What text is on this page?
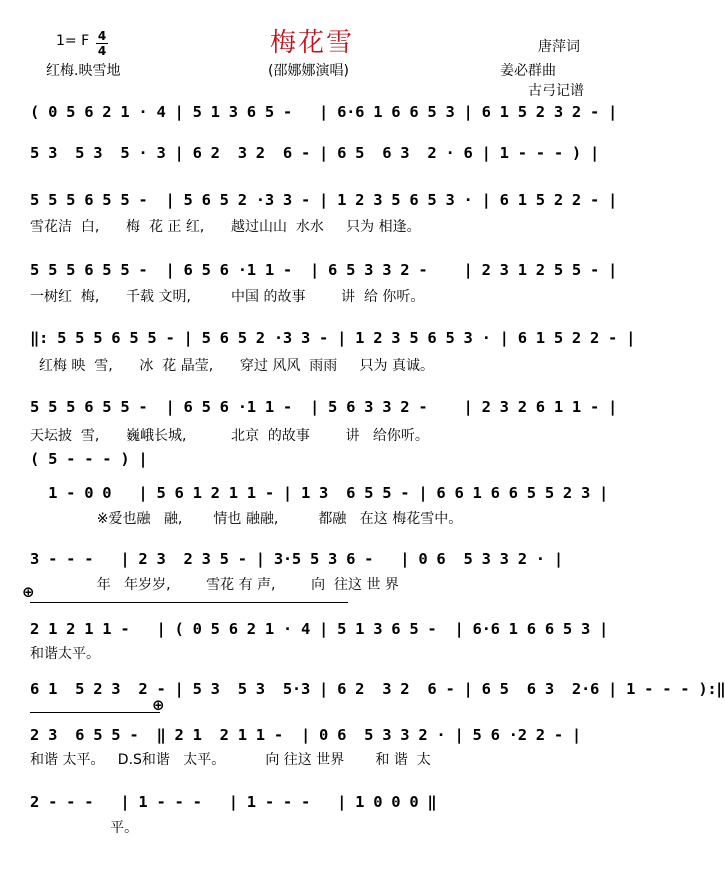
梅花雪
1= F 4
4
红梅.映雪地	(邵娜娜演唱)
唐萍词
姜必群曲
古弓记谱
( 0 5 6 2 1 · 4 | 5 1 3 6 5 -   | 6·6 1 6 6 5 3 | 6 1 5 2 3 2 - |
5 3  5 3  5 · 3 | 6 2  3 2  6 - | 6 5  6 3  2 · 6 | 1 - - - ) |
5 5 5 6 5 5 -  | 5 6 5 2 ·3 3 - | 1 2 3 5 6 5 3 · | 6 1 5 2 2 - |
雪花洁  白,      梅  花 正 红,      越过山山  水水     只为 相逢。
5 5 5 6 5 5 -  | 6 5 6 ·1 1 -  | 6 5 3 3 2 -    | 2 3 1 2 5 5 - |
一树红  梅,      千载 文明,         中国 的故事        讲  给 你听。
‖: 5 5 5 6 5 5 - | 5 6 5 2 ·3 3 - | 1 2 3 5 6 5 3 · | 6 1 5 2 2 - |
红梅 映  雪,      冰  花 晶莹,      穿过 风风  雨雨     只为 真诚。
5 5 5 6 5 5 -  | 6 5 6 ·1 1 -  | 5 6 3 3 2 -    | 2 3 2 6 1 1 - |
天坛披  雪,      巍峨长城,          北京  的故事        讲   给你听。
( 5 - - - ) |
1 - 0 0   | 5 6 1 2 1 1 - | 1 3  6 5 5 - | 6 6 1 6 6 5 5 2 3 |
※爱也融   融,       情也 融融,         都融   在这 梅花雪中。
3 - - -   | 2 3  2 3 5 - | 3·5 5 3 6 -   | 0 6  5 3 3 2 · |
年   年岁岁,        雪花 有 声,        向  往这 世 界
⊕
2 1 2 1 1 -   | ( 0 5 6 2 1 · 4 | 5 1 3 6 5 -  | 6·6 1 6 6 5 3 |
和谐太平。
6 1  5 2 3  2 - | 5 3  5 3  5·3 | 6 2  3 2  6 - | 6 5  6 3  2·6 | 1 - - - ):‖
⊕
2 3  6 5 5 -  ‖ 2 1  2 1 1 -  | 0 6  5 3 3 2 · | 5 6 ·2 2 - |
和谐 太平。   D.S和谐   太平。         向 往这 世界       和 谐  太
2 - - -   | 1 - - -   | 1 - - -   | 1 0 0 0 ‖
平。
